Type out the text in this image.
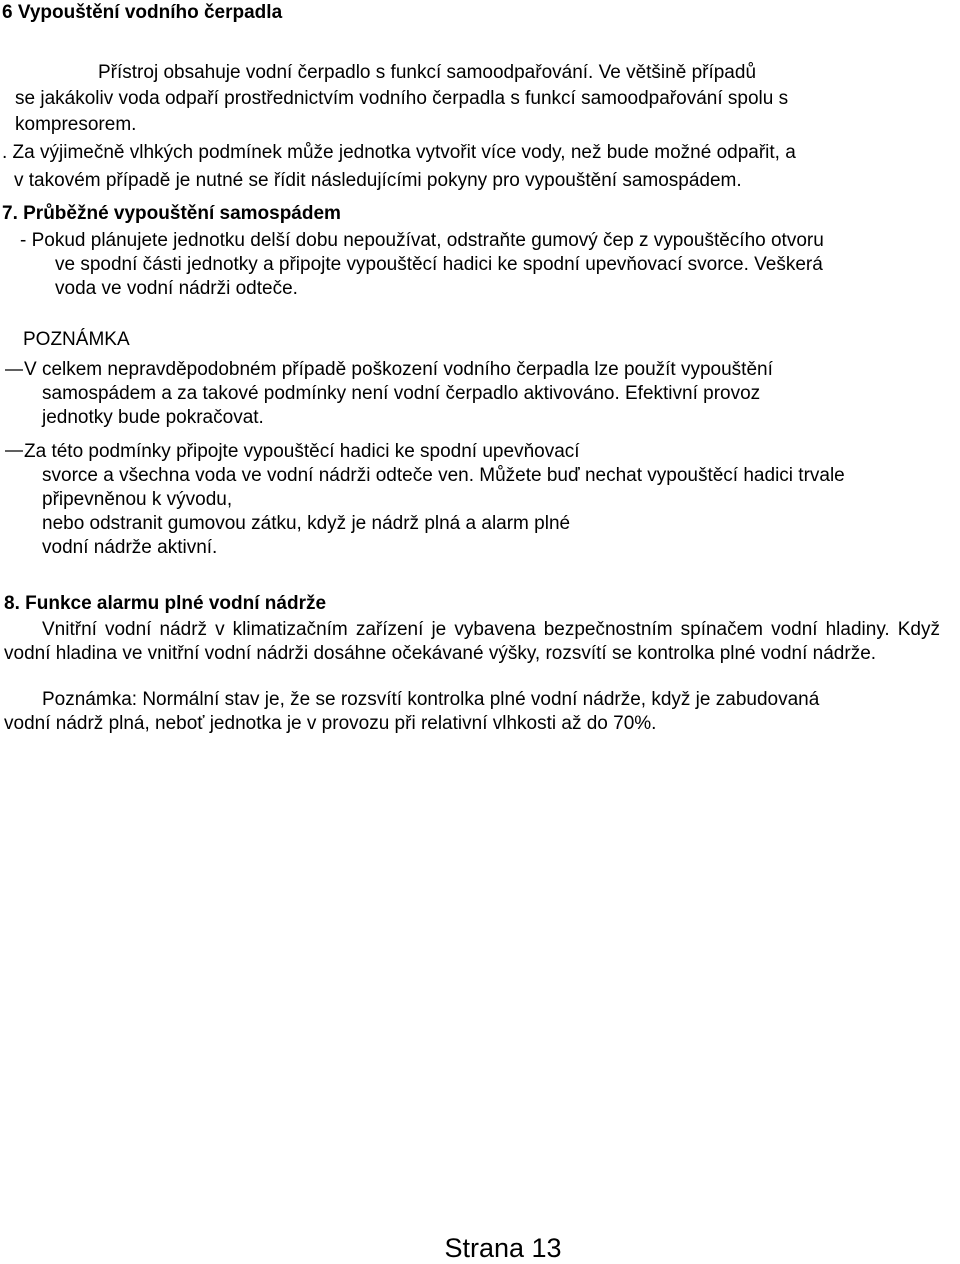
6 Vypouštění vodního čerpadla
Přístroj obsahuje vodní čerpadlo s funkcí samoodpařování. Ve většině případů
se jakákoliv voda odpaří prostřednictvím vodního čerpadla s funkcí samoodpařování spolu s
kompresorem.
. Za výjimečně vlhkých podmínek může jednotka vytvořit více vody, než bude možné odpařit, a
v takovém případě je nutné se řídit následujícími pokyny pro vypouštění samospádem.
7. Průběžné vypouštění samospádem
- Pokud plánujete jednotku delší dobu nepoužívat, odstraňte gumový čep z vypouštěcího otvoru
ve spodní části jednotky a připojte vypouštěcí hadici ke spodní upevňovací svorce. Veškerá
voda ve vodní nádrži odteče.
POZNÁMKA
V celkem nepravděpodobném případě poškození vodního čerpadla lze použít vypouštění
samospádem a za takové podmínky není vodní čerpadlo aktivováno. Efektivní provoz
jednotky bude pokračovat.
Za této podmínky připojte vypouštěcí hadici ke spodní upevňovací
svorce a všechna voda ve vodní nádrži odteče ven. Můžete buď nechat vypouštěcí hadici trvale
připevněnou k vývodu,
nebo odstranit gumovou zátku, když je nádrž plná a alarm plné
vodní nádrže aktivní.
8. Funkce alarmu plné vodní nádrže
Vnitřní vodní nádrž v klimatizačním zařízení je vybavena bezpečnostním spínačem vodní hladiny. Když vodní hladina ve vnitřní vodní nádrži dosáhne očekávané výšky, rozsvítí se kontrolka plné vodní nádrže.
Poznámka: Normální stav je, že se rozsvítí kontrolka plné vodní nádrže, když je zabudovaná
vodní nádrž plná, neboť jednotka je v provozu při relativní vlhkosti až do 70%.
Strana 13
